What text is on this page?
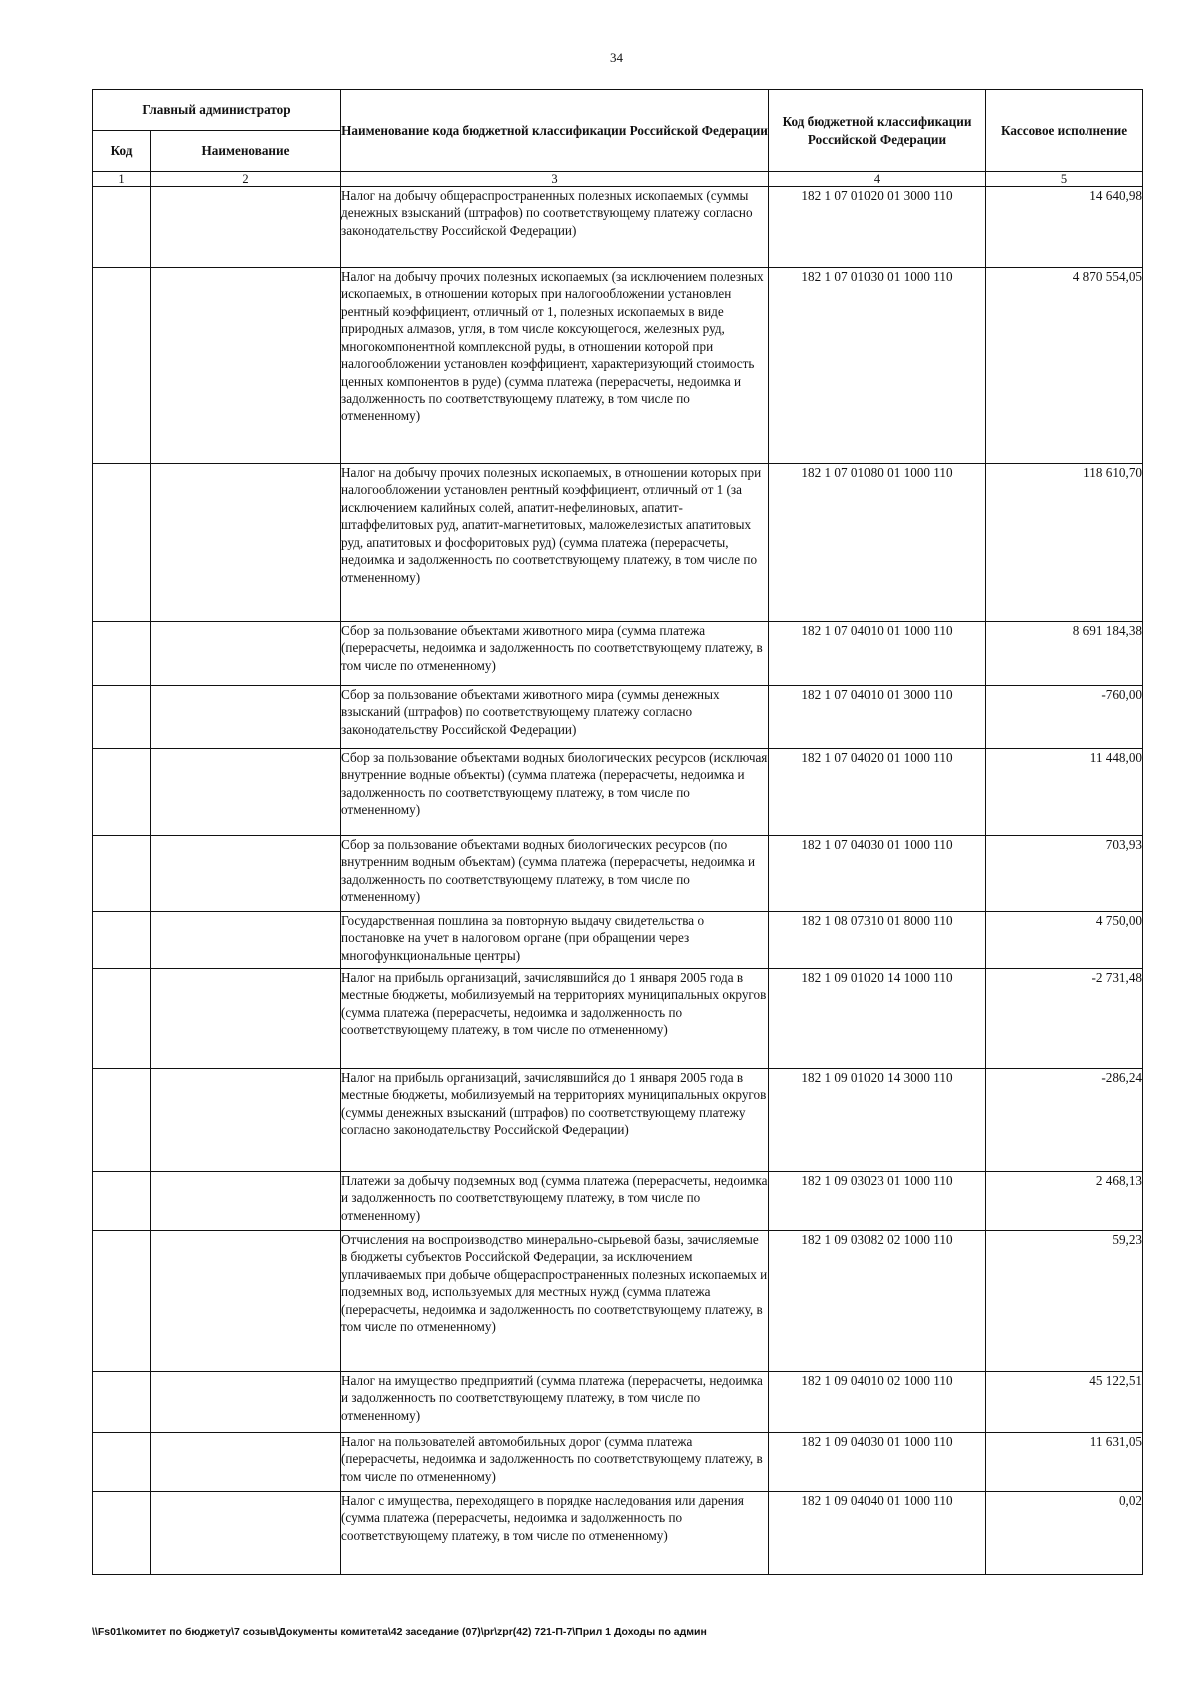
34
Главный администратор		Наименование кода бюджетной классификации Российской Федерации	Код бюджетной классификации Российской Федерации	Кассовое исполнение
Код	Наименование			
1	2	3	4	5
		Налог на добычу общераспространенных полезных ископаемых (суммы денежных взысканий (штрафов) по соответствующему платежу согласно законодательству Российской Федерации)	182 1 07 01020 01 3000 110	14 640,98
		Налог на добычу прочих полезных ископаемых (за исключением полезных ископаемых, в отношении которых при налогообложении установлен рентный коэффициент, отличный от 1, полезных ископаемых в виде природных алмазов, угля, в том числе коксующегося, железных руд, многокомпонентной комплексной руды, в отношении которой при налогообложении установлен коэффициент, характеризующий стоимость ценных компонентов в руде) (сумма платежа (перерасчеты, недоимка и задолженность по соответствующему платежу, в том числе по отмененному)	182 1 07 01030 01 1000 110	4 870 554,05
		Налог на добычу прочих полезных ископаемых, в отношении которых при налогообложении установлен рентный коэффициент, отличный от 1 (за исключением калийных солей, апатит-нефелиновых, апатит-штаффелитовых руд, апатит-магнетитовых, маложелезистых апатитовых руд, апатитовых и фосфоритовых руд) (сумма платежа (перерасчеты, недоимка и задолженность по соответствующему платежу, в том числе по отмененному)	182 1 07 01080 01 1000 110	118 610,70
		Сбор за пользование объектами животного мира (сумма платежа (перерасчеты, недоимка и задолженность по соответствующему платежу, в том числе по отмененному)	182 1 07 04010 01 1000 110	8 691 184,38
		Сбор за пользование объектами животного мира (суммы денежных взысканий (штрафов) по соответствующему платежу согласно законодательству Российской Федерации)	182 1 07 04010 01 3000 110	-760,00
		Сбор за пользование объектами водных биологических ресурсов (исключая внутренние водные объекты) (сумма платежа (перерасчеты, недоимка и задолженность по соответствующему платежу, в том числе по отмененному)	182 1 07 04020 01 1000 110	11 448,00
		Сбор за пользование объектами водных биологических ресурсов (по внутренним водным объектам) (сумма платежа (перерасчеты, недоимка и задолженность по соответствующему платежу, в том числе по отмененному)	182 1 07 04030 01 1000 110	703,93
		Государственная пошлина за повторную выдачу свидетельства о постановке на учет в налоговом органе (при обращении через многофункциональные центры)	182 1 08 07310 01 8000 110	4 750,00
		Налог на прибыль организаций, зачислявшийся до 1 января 2005 года в местные бюджеты, мобилизуемый на территориях муниципальных округов (сумма платежа (перерасчеты, недоимка и задолженность по соответствующему платежу, в том числе по отмененному)	182 1 09 01020 14 1000 110	-2 731,48
		Налог на прибыль организаций, зачислявшийся до 1 января 2005 года в местные бюджеты, мобилизуемый на территориях муниципальных округов (суммы денежных взысканий (штрафов) по соответствующему платежу согласно законодательству Российской Федерации)	182 1 09 01020 14 3000 110	-286,24
		Платежи за добычу подземных вод (сумма платежа (перерасчеты, недоимка и задолженность по соответствующему платежу, в том числе по отмененному)	182 1 09 03023 01 1000 110	2 468,13
		Отчисления на воспроизводство минерально-сырьевой базы, зачисляемые в бюджеты субъектов Российской Федерации, за исключением уплачиваемых при добыче общераспространенных полезных ископаемых и подземных вод, используемых для местных нужд (сумма платежа (перерасчеты, недоимка и задолженность по соответствующему платежу, в том числе по отмененному)	182 1 09 03082 02 1000 110	59,23
		Налог на имущество предприятий (сумма платежа (перерасчеты, недоимка и задолженность по соответствующему платежу, в том числе по отмененному)	182 1 09 04010 02 1000 110	45 122,51
		Налог на пользователей автомобильных дорог (сумма платежа (перерасчеты, недоимка и задолженность по соответствующему платежу, в том числе по отмененному)	182 1 09 04030 01 1000 110	11 631,05
		Налог с имущества, переходящего в порядке наследования или дарения (сумма платежа (перерасчеты, недоимка и задолженность по соответствующему платежу, в том числе по отмененному)	182 1 09 04040 01 1000 110	0,02
\\Fs01\комитет по бюджету\7 созыв\Документы комитета\42 заседание (07)\pr\zpr(42) 721-П-7\Прил 1 Доходы по админ
